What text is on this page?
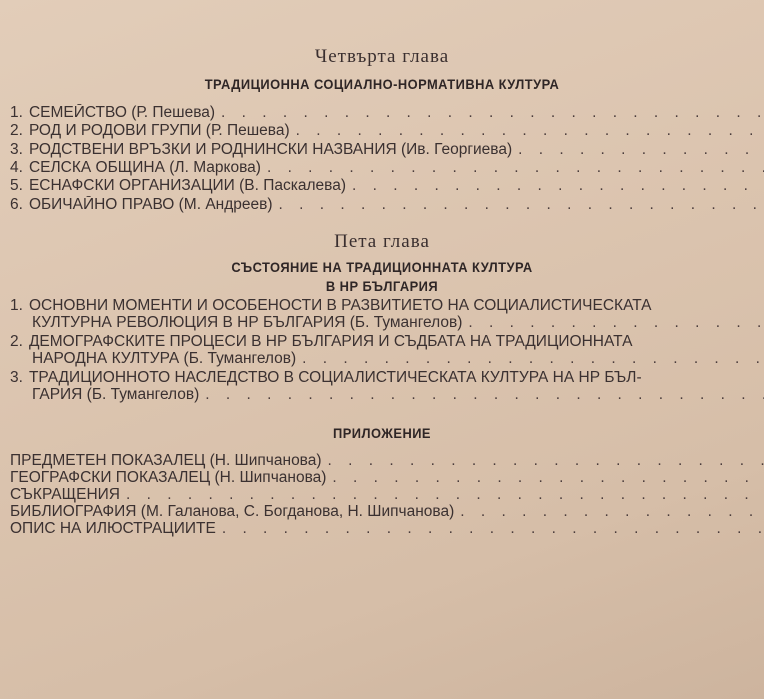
Четвърта глава
ТРАДИЦИОННА СОЦИАЛНО-НОРМАТИВНА КУЛТУРА
1. СЕМЕЙСТВО (Р. Пешева)
. . .
2. РОД И РОДОВИ ГРУПИ (Р. Пешева)
. . .
3. РОДСТВЕНИ ВРЪЗКИ И РОДНИНСКИ НАЗВАНИЯ (Ив. Георгиева)
. . .
4. СЕЛСКА ОБЩИНА (Л. Маркова)
. . .
5. ЕСНАФСКИ ОРГАНИЗАЦИИ (В. Паскалева)
. . .
6. ОБИЧАЙНО ПРАВО (М. Андреев)
. . .
Пета глава
СЪСТОЯНИЕ НА ТРАДИЦИОННАТА КУЛТУРА
В НР БЪЛГАРИЯ
1. ОСНОВНИ МОМЕНТИ И ОСОБЕНОСТИ В РАЗВИТИЕТО НА СОЦИАЛИСТИЧЕСКАТА
КУЛТУРНА РЕВОЛЮЦИЯ В НР БЪЛГАРИЯ (Б. Тумангелов)
. . .
2. ДЕМОГРАФСКИТЕ ПРОЦЕСИ В НР БЪЛГАРИЯ И СЪДБАТА НА ТРАДИЦИОННАТА
НАРОДНА КУЛТУРА (Б. Тумангелов)
. . .
3. ТРАДИЦИОННОТО НАСЛЕДСТВО В СОЦИАЛИСТИЧЕСКАТА КУЛТУРА НА НР БЪЛ-
ГАРИЯ (Б. Тумангелов)
. . .
ПРИЛОЖЕНИЕ
ПРЕДМЕТЕН ПОКАЗАЛЕЦ (Н. Шипчанова)
. . .
ГЕОГРАФСКИ ПОКАЗАЛЕЦ (Н. Шипчанова)
. . .
СЪКРАЩЕНИЯ
. . .
БИБЛИОГРАФИЯ (М. Галанова, С. Богданова, Н. Шипчанова)
. . .
ОПИС НА ИЛЮСТРАЦИИТЕ
. . .
